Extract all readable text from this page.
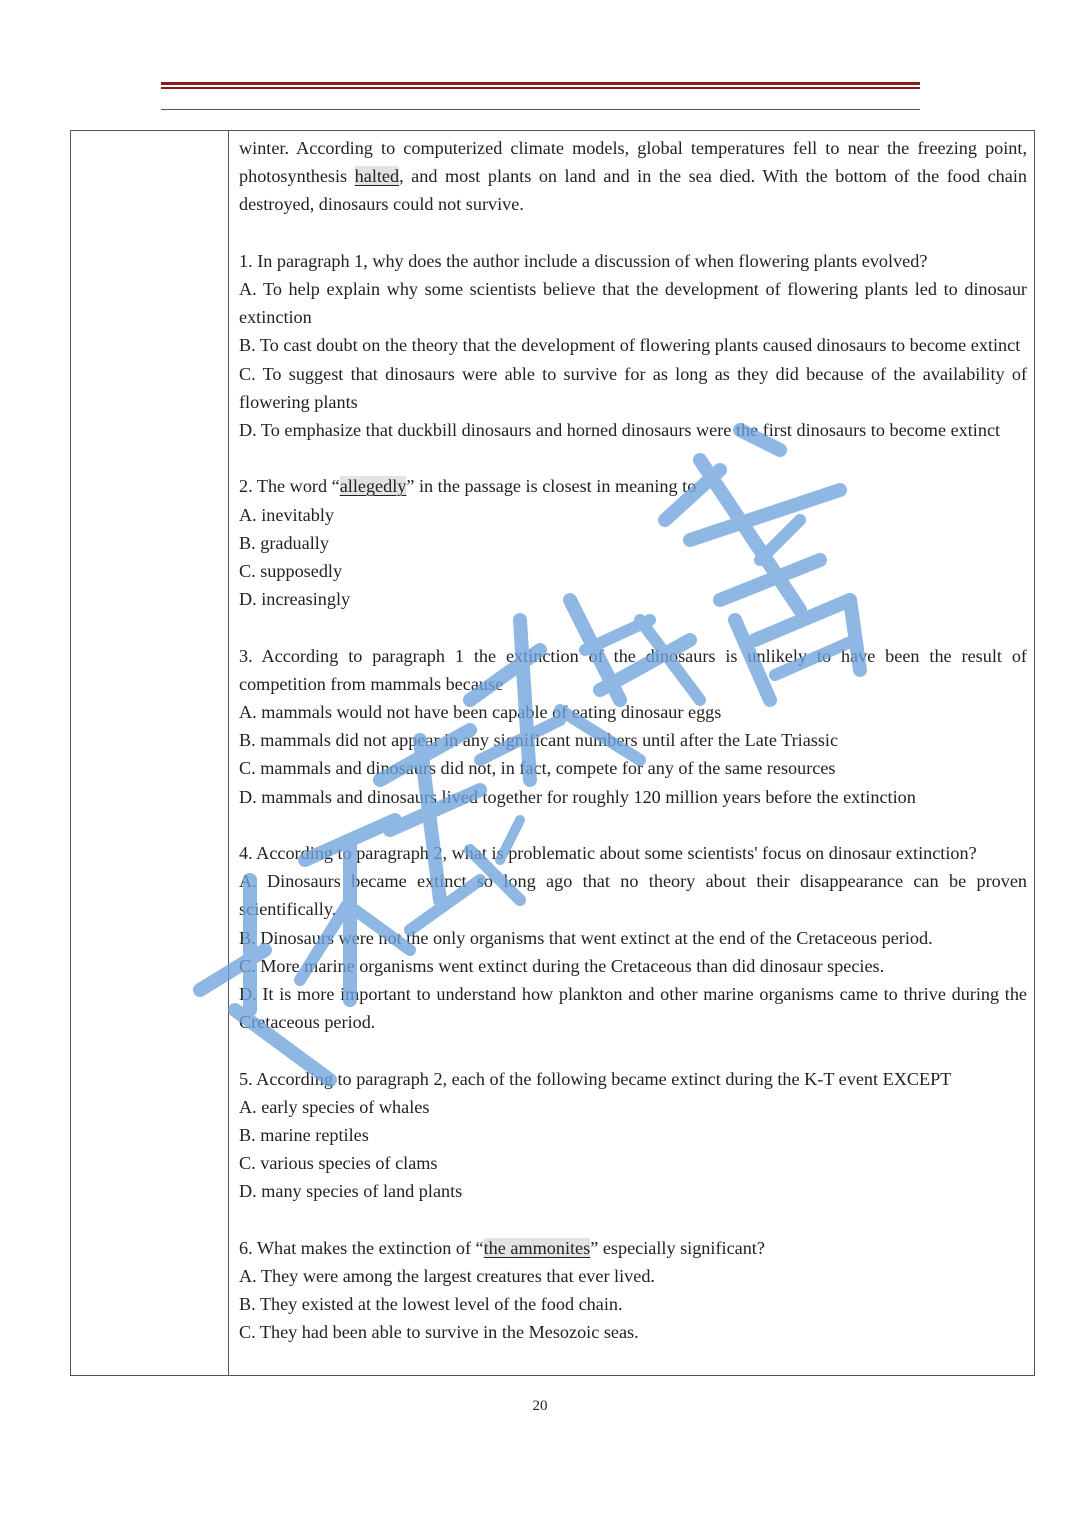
winter. According to computerized climate models, global temperatures fell to near the freezing point, photosynthesis halted, and most plants on land and in the sea died. With the bottom of the food chain destroyed, dinosaurs could not survive.

1. In paragraph 1, why does the author include a discussion of when flowering plants evolved?

A. To help explain why some scientists believe that the development of flowering plants led to dinosaur extinction

B. To cast doubt on the theory that the development of flowering plants caused dinosaurs to become extinct

C. To suggest that dinosaurs were able to survive for as long as they did because of the availability of flowering plants

D. To emphasize that duckbill dinosaurs and horned dinosaurs were the first dinosaurs to become extinct

2. The word “allegedly” in the passage is closest in meaning to

A. inevitably

B. gradually

C. supposedly

D. increasingly

3. According to paragraph 1 the extinction of the dinosaurs is unlikely to have been the result of competition from mammals because

A. mammals would not have been capable of eating dinosaur eggs

B. mammals did not appear in any significant numbers until after the Late Triassic

C. mammals and dinosaurs did not, in fact, compete for any of the same resources

D. mammals and dinosaurs lived together for roughly 120 million years before the extinction

4. According to paragraph 2, what is problematic about some scientists' focus on dinosaur extinction?

A. Dinosaurs became extinct so long ago that no theory about their disappearance can be proven scientifically.

B. Dinosaurs were not the only organisms that went extinct at the end of the Cretaceous period.

C. More marine organisms went extinct during the Cretaceous than did dinosaur species.

D. It is more important to understand how plankton and other marine organisms came to thrive during the Cretaceous period.

5. According to paragraph 2, each of the following became extinct during the K-T event EXCEPT

A. early species of whales

B. marine reptiles

C. various species of clams

D. many species of land plants

6. What makes the extinction of “the ammonites” especially significant?

A. They were among the largest creatures that ever lived.

B. They existed at the lowest level of the food chain.

C. They had been able to survive in the Mesozoic seas.

20
